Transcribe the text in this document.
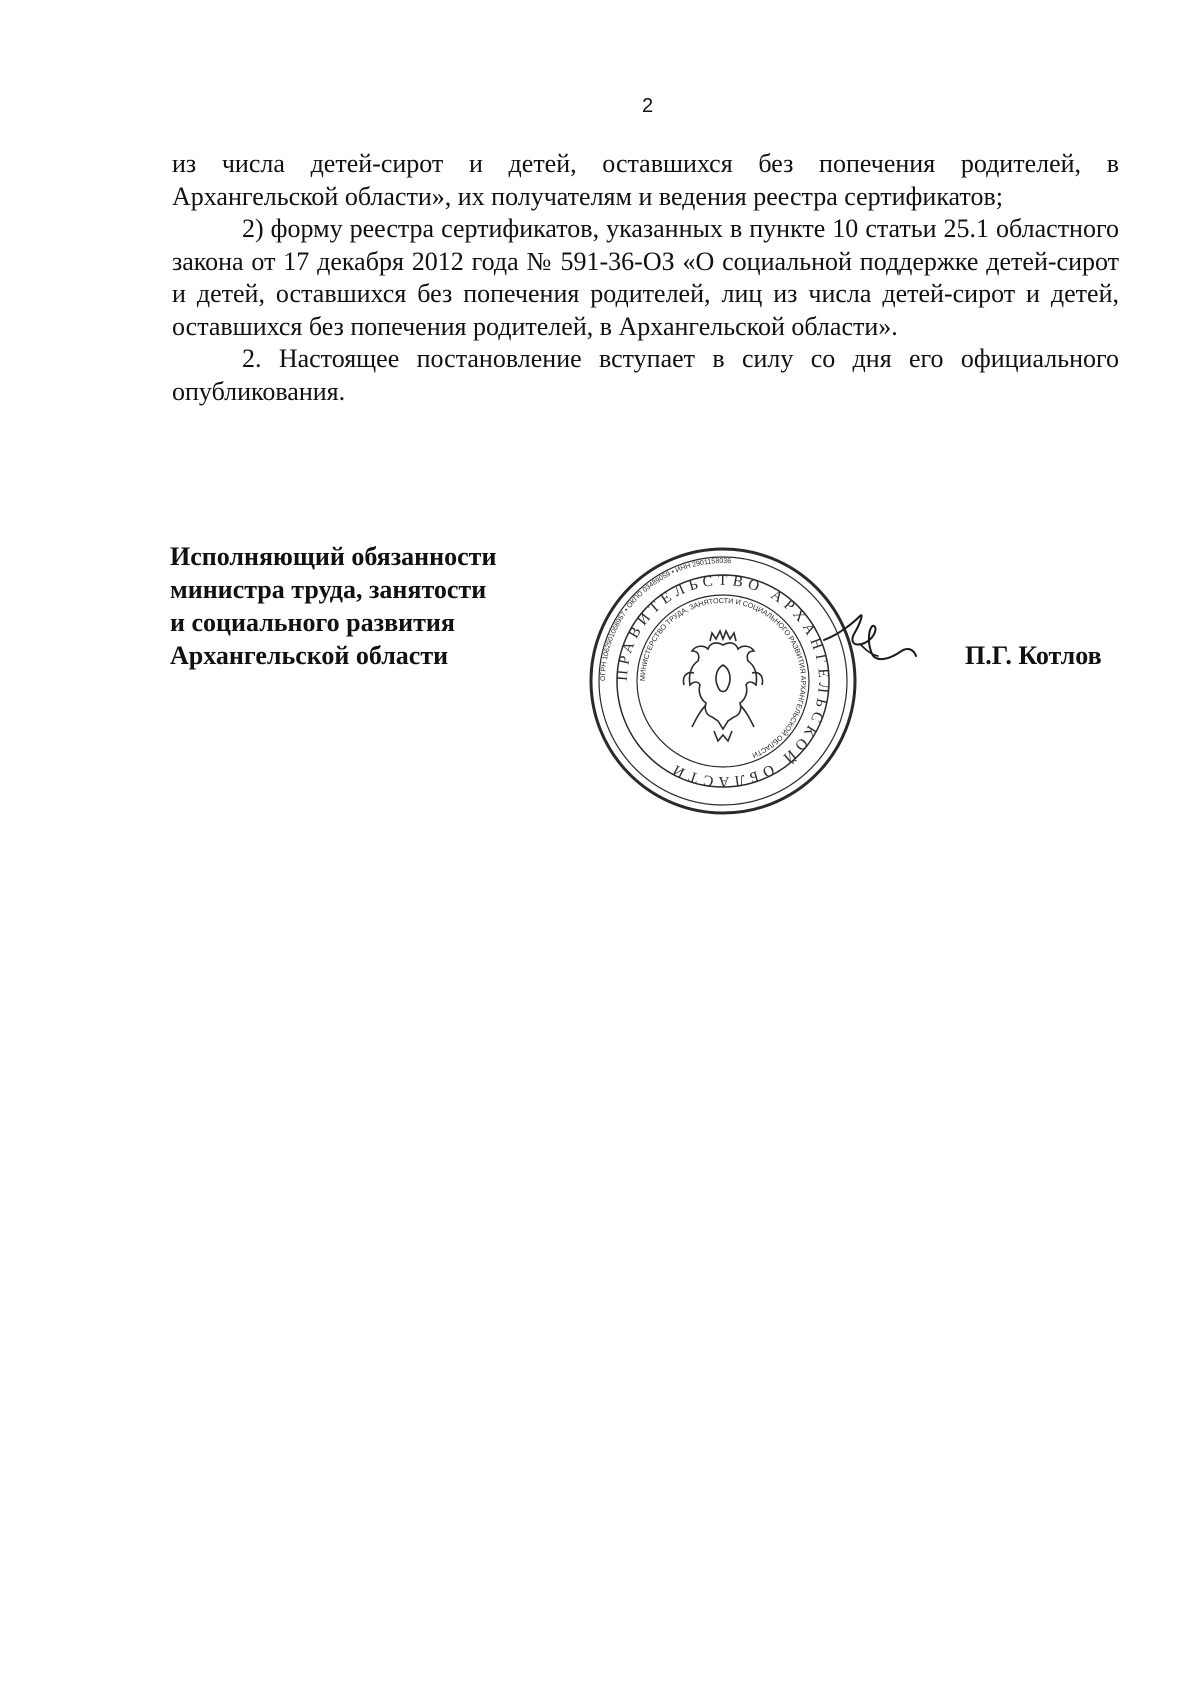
2

из числа детей-сирот и детей, оставшихся без попечения родителей, в Архангельской области», их получателям и ведения реестра сертификатов;

2) форму реестра сертификатов, указанных в пункте 10 статьи 25.1 областного закона от 17 декабря 2012 года № 591-36-ОЗ «О социальной поддержке детей-сирот и детей, оставшихся без попечения родителей, лиц из числа детей-сирот и детей, оставшихся без попечения родителей, в Архангельской области».

2. Настоящее постановление вступает в силу со дня его официального опубликования.

Исполняющий обязанности
министра труда, занятости
и социального развития
Архангельской области
ОГРН 1062901068957 • ОКПО 03489059 • ИНН 2901158036
ПРАВИТЕЛЬСТВО АРХАНГЕЛЬСКОЙ ОБЛАСТИ
МИНИСТЕРСТВО ТРУДА, ЗАНЯТОСТИ И СОЦИАЛЬНОГО РАЗВИТИЯ АРХАНГЕЛЬСКОЙ ОБЛАСТИ
П.Г. Котлов
